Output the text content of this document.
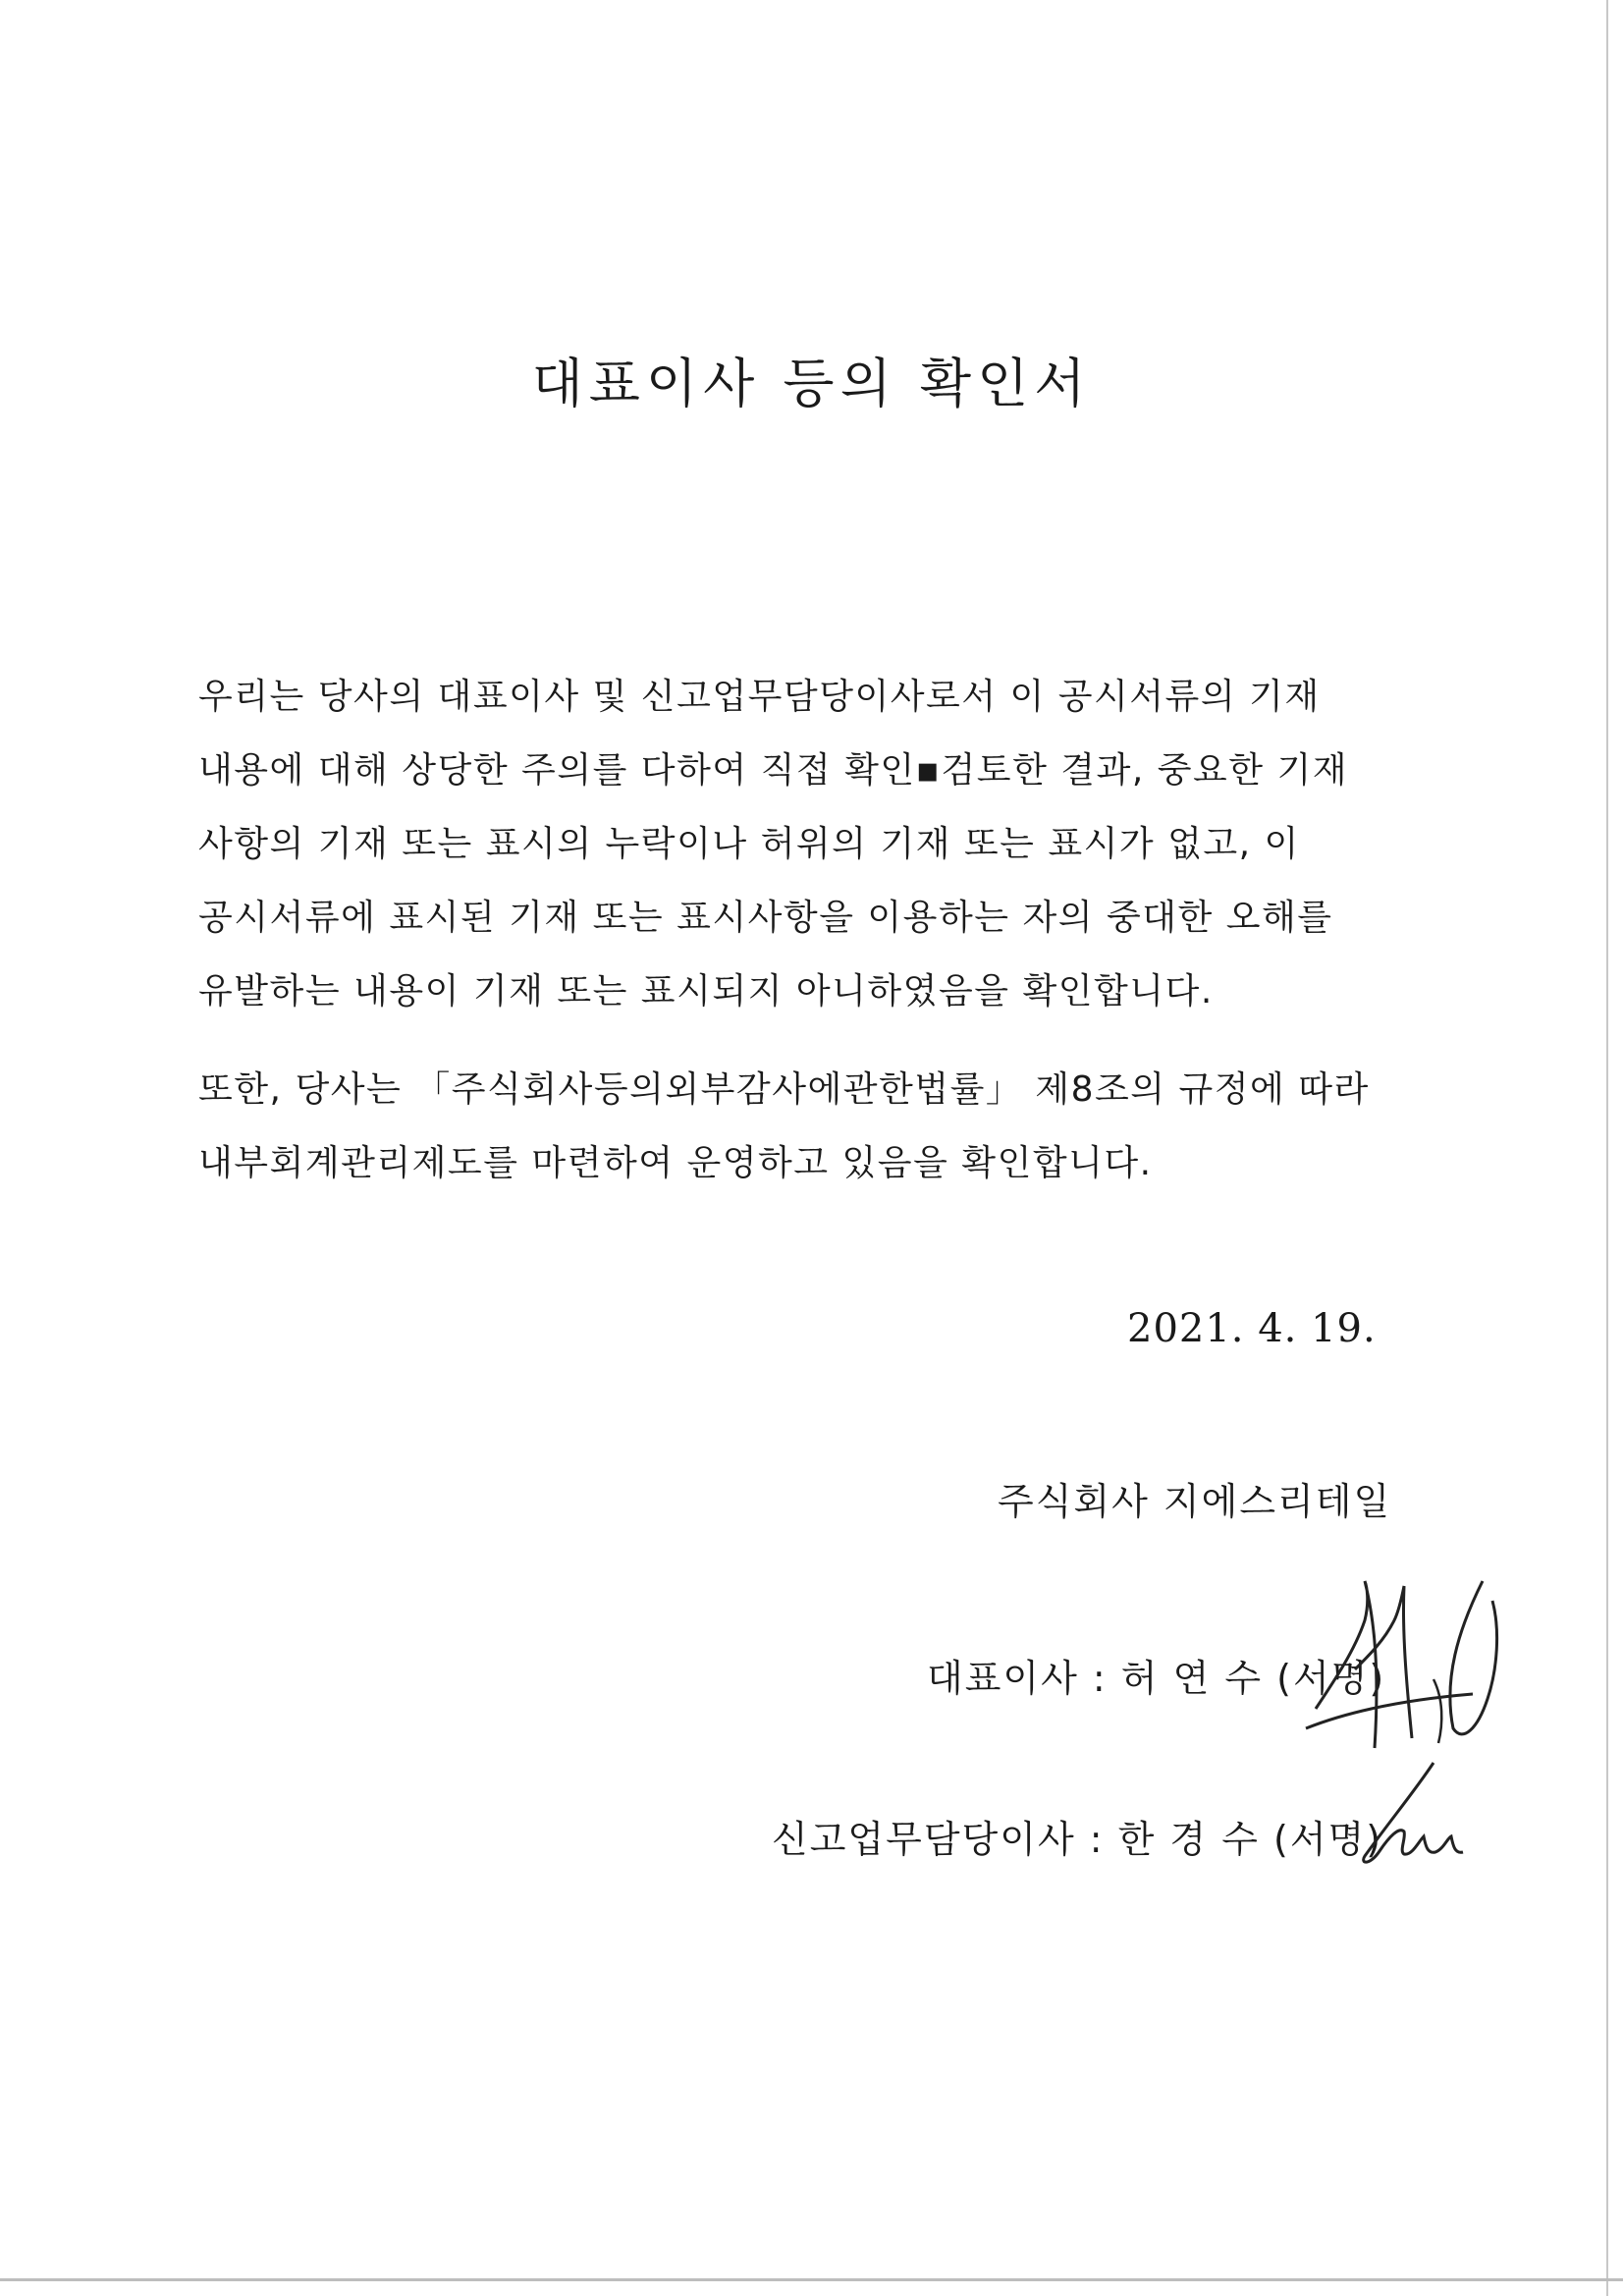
대표이사 등의 확인서
우리는 당사의 대표이사 및 신고업무담당이사로서 이 공시서류의 기재
내용에 대해 상당한 주의를 다하여 직접 확인▪검토한 결과, 중요한 기재
사항의 기재 또는 표시의 누락이나 허위의 기재 또는 표시가 없고, 이
공시서류에 표시된 기재 또는 표시사항을 이용하는 자의 중대한 오해를
유발하는 내용이 기재 또는 표시되지 아니하였음을 확인합니다.
또한, 당사는 「주식회사등의외부감사에관한법률」 제8조의 규정에 따라
내부회계관리제도를 마련하여 운영하고 있음을 확인합니다.
2021. 4. 19.
주식회사 지에스리테일
대표이사 : 허 연 수 (서명)
신고업무담당이사 : 한 경 수 (서명)
